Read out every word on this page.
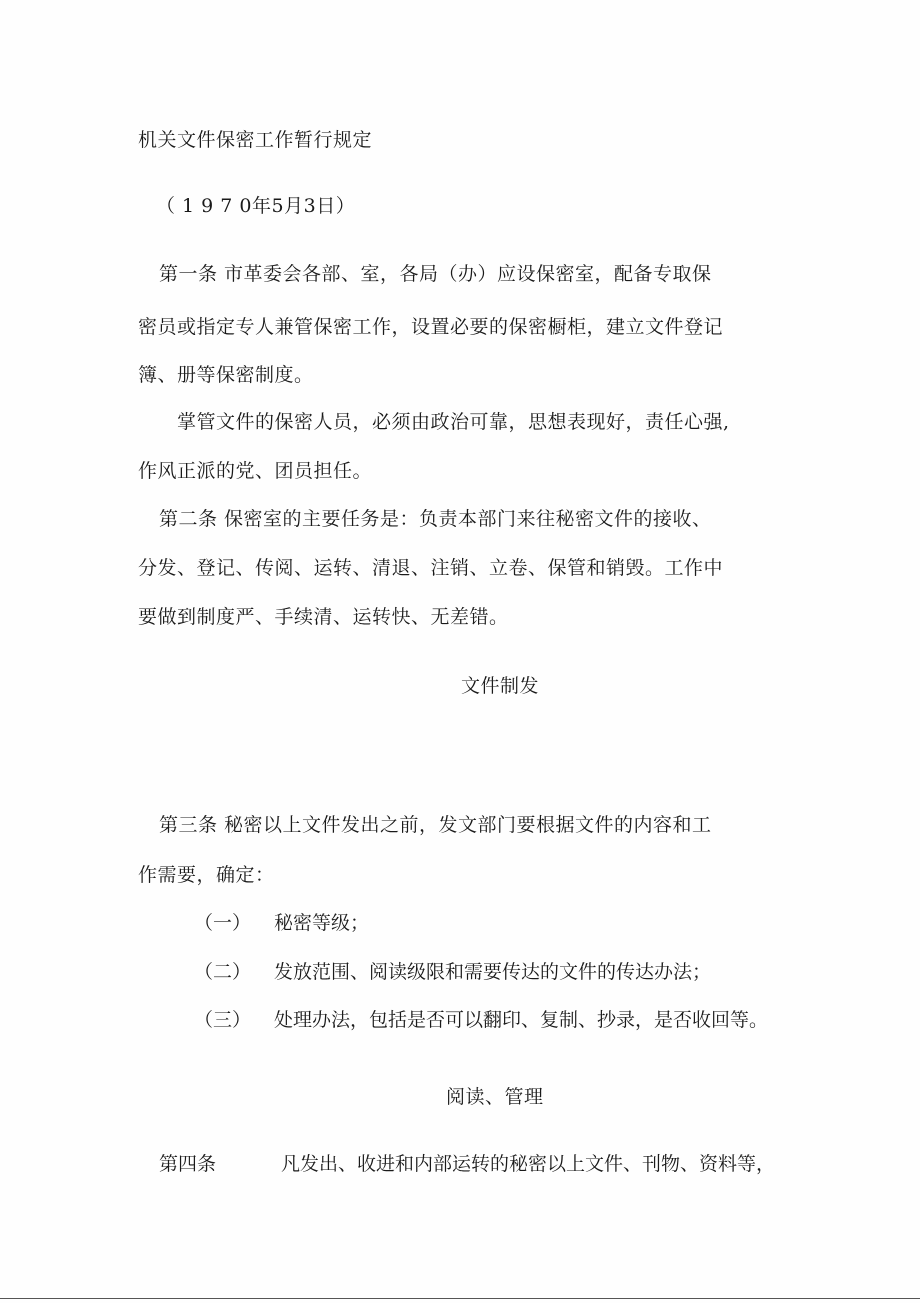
机关文件保密工作暂行规定
（ 1 9 7 0年5月3日）
第一条 市革委会各部、室，各局（办）应设保密室，配备专取保
密员或指定专人兼管保密工作，设置必要的保密橱柜，建立文件登记
簿、册等保密制度。
掌管文件的保密人员，必须由政治可靠，思想表现好，责任心强,
作风正派的党、团员担任。
第二条 保密室的主要任务是：负责本部门来往秘密文件的接收、
分发、登记、传阅、运转、清退、注销、立卷、保管和销毁。工作中
要做到制度严、手续清、运转快、无差错。
文件制发
第三条 秘密以上文件发出之前，发文部门要根据文件的内容和工
作需要，确定：
（一） 秘密等级；
（二） 发放范围、阅读级限和需要传达的文件的传达办法；
（三） 处理办法，包括是否可以翻印、复制、抄录，是否收回等。
阅读、管理
第四条	凡发出、收进和内部运转的秘密以上文件、刊物、资料等，
